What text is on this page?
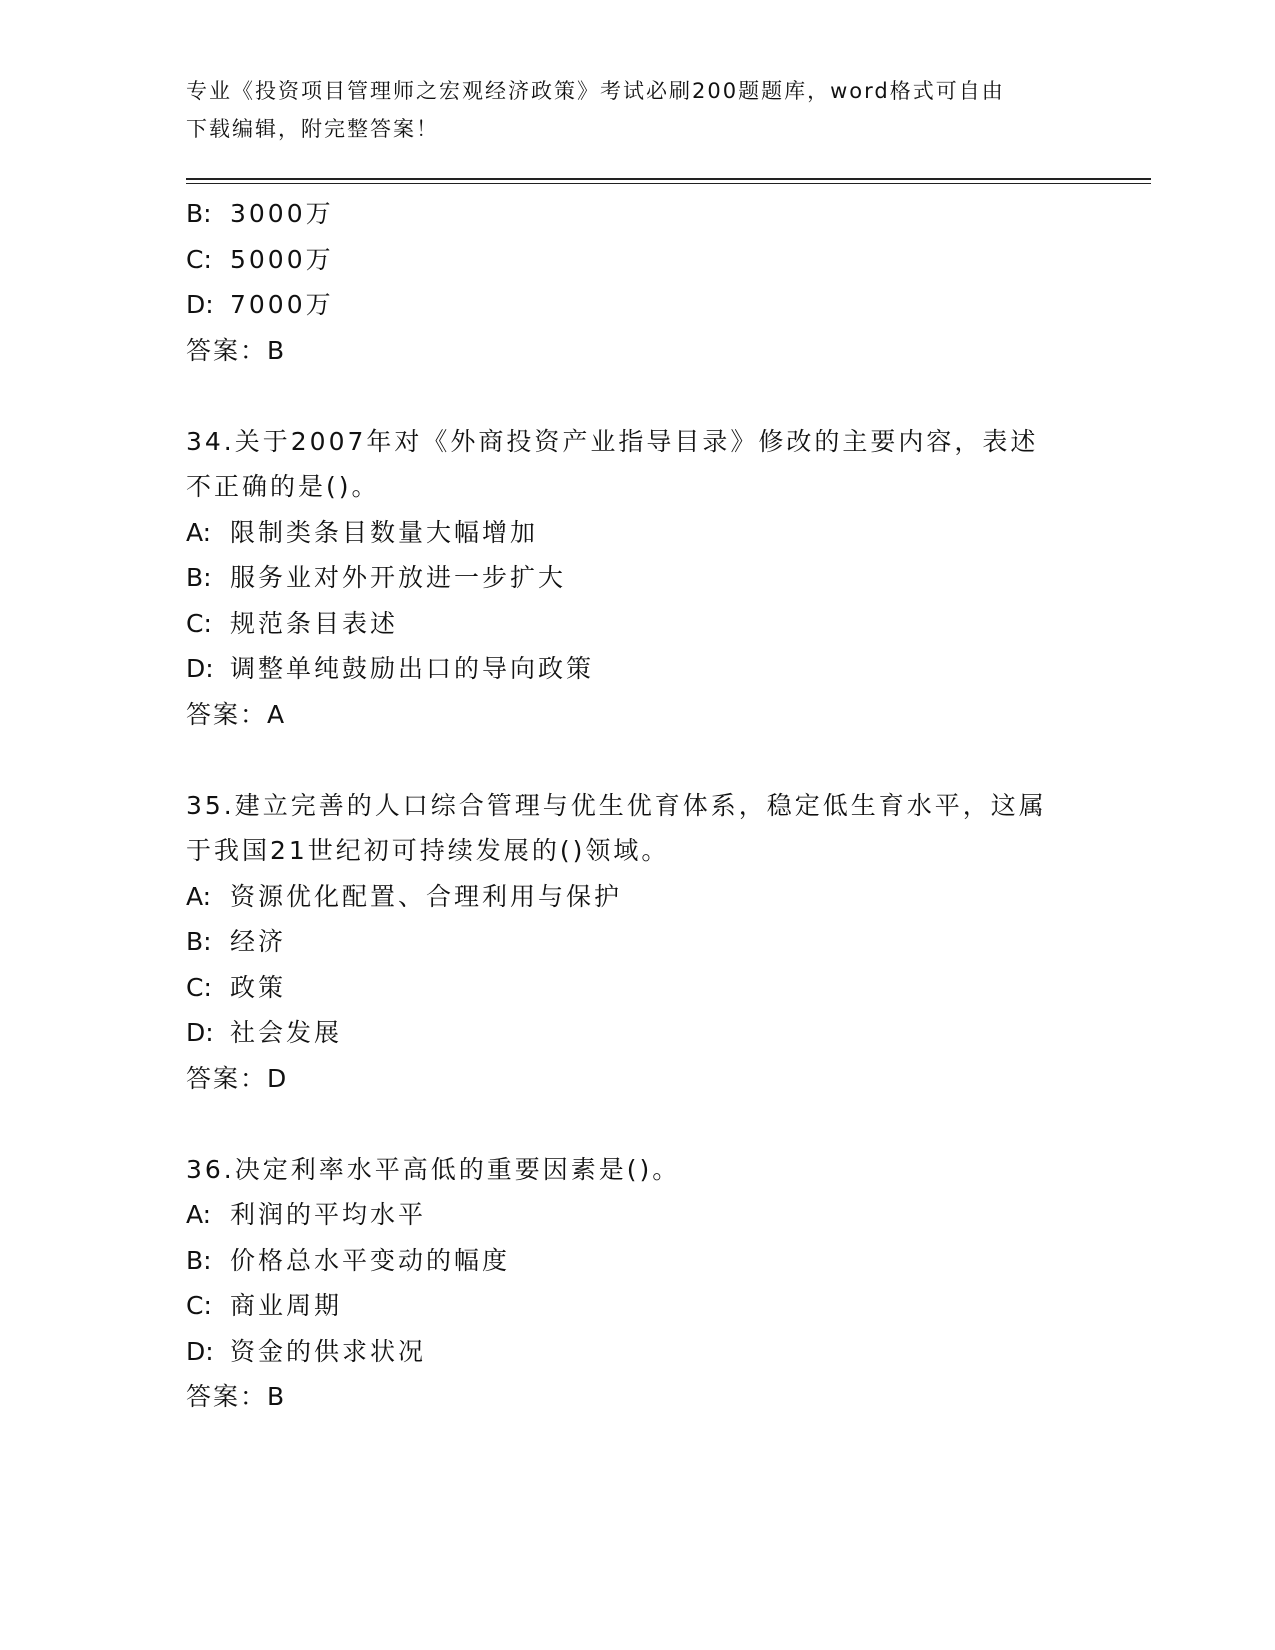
专业《投资项目管理师之宏观经济政策》考试必刷200题题库，word格式可自由
下载编辑，附完整答案！
B: 3000万
C: 5000万
D: 7000万
答案：B
34.关于2007年对《外商投资产业指导目录》修改的主要内容，表述
不正确的是()。
A: 限制类条目数量大幅增加
B: 服务业对外开放进一步扩大
C: 规范条目表述
D: 调整单纯鼓励出口的导向政策
答案：A
35.建立完善的人口综合管理与优生优育体系，稳定低生育水平，这属
于我国21世纪初可持续发展的()领域。
A: 资源优化配置、合理利用与保护
B: 经济
C: 政策
D: 社会发展
答案：D
36.决定利率水平高低的重要因素是()。
A: 利润的平均水平
B: 价格总水平变动的幅度
C: 商业周期
D: 资金的供求状况
答案：B
